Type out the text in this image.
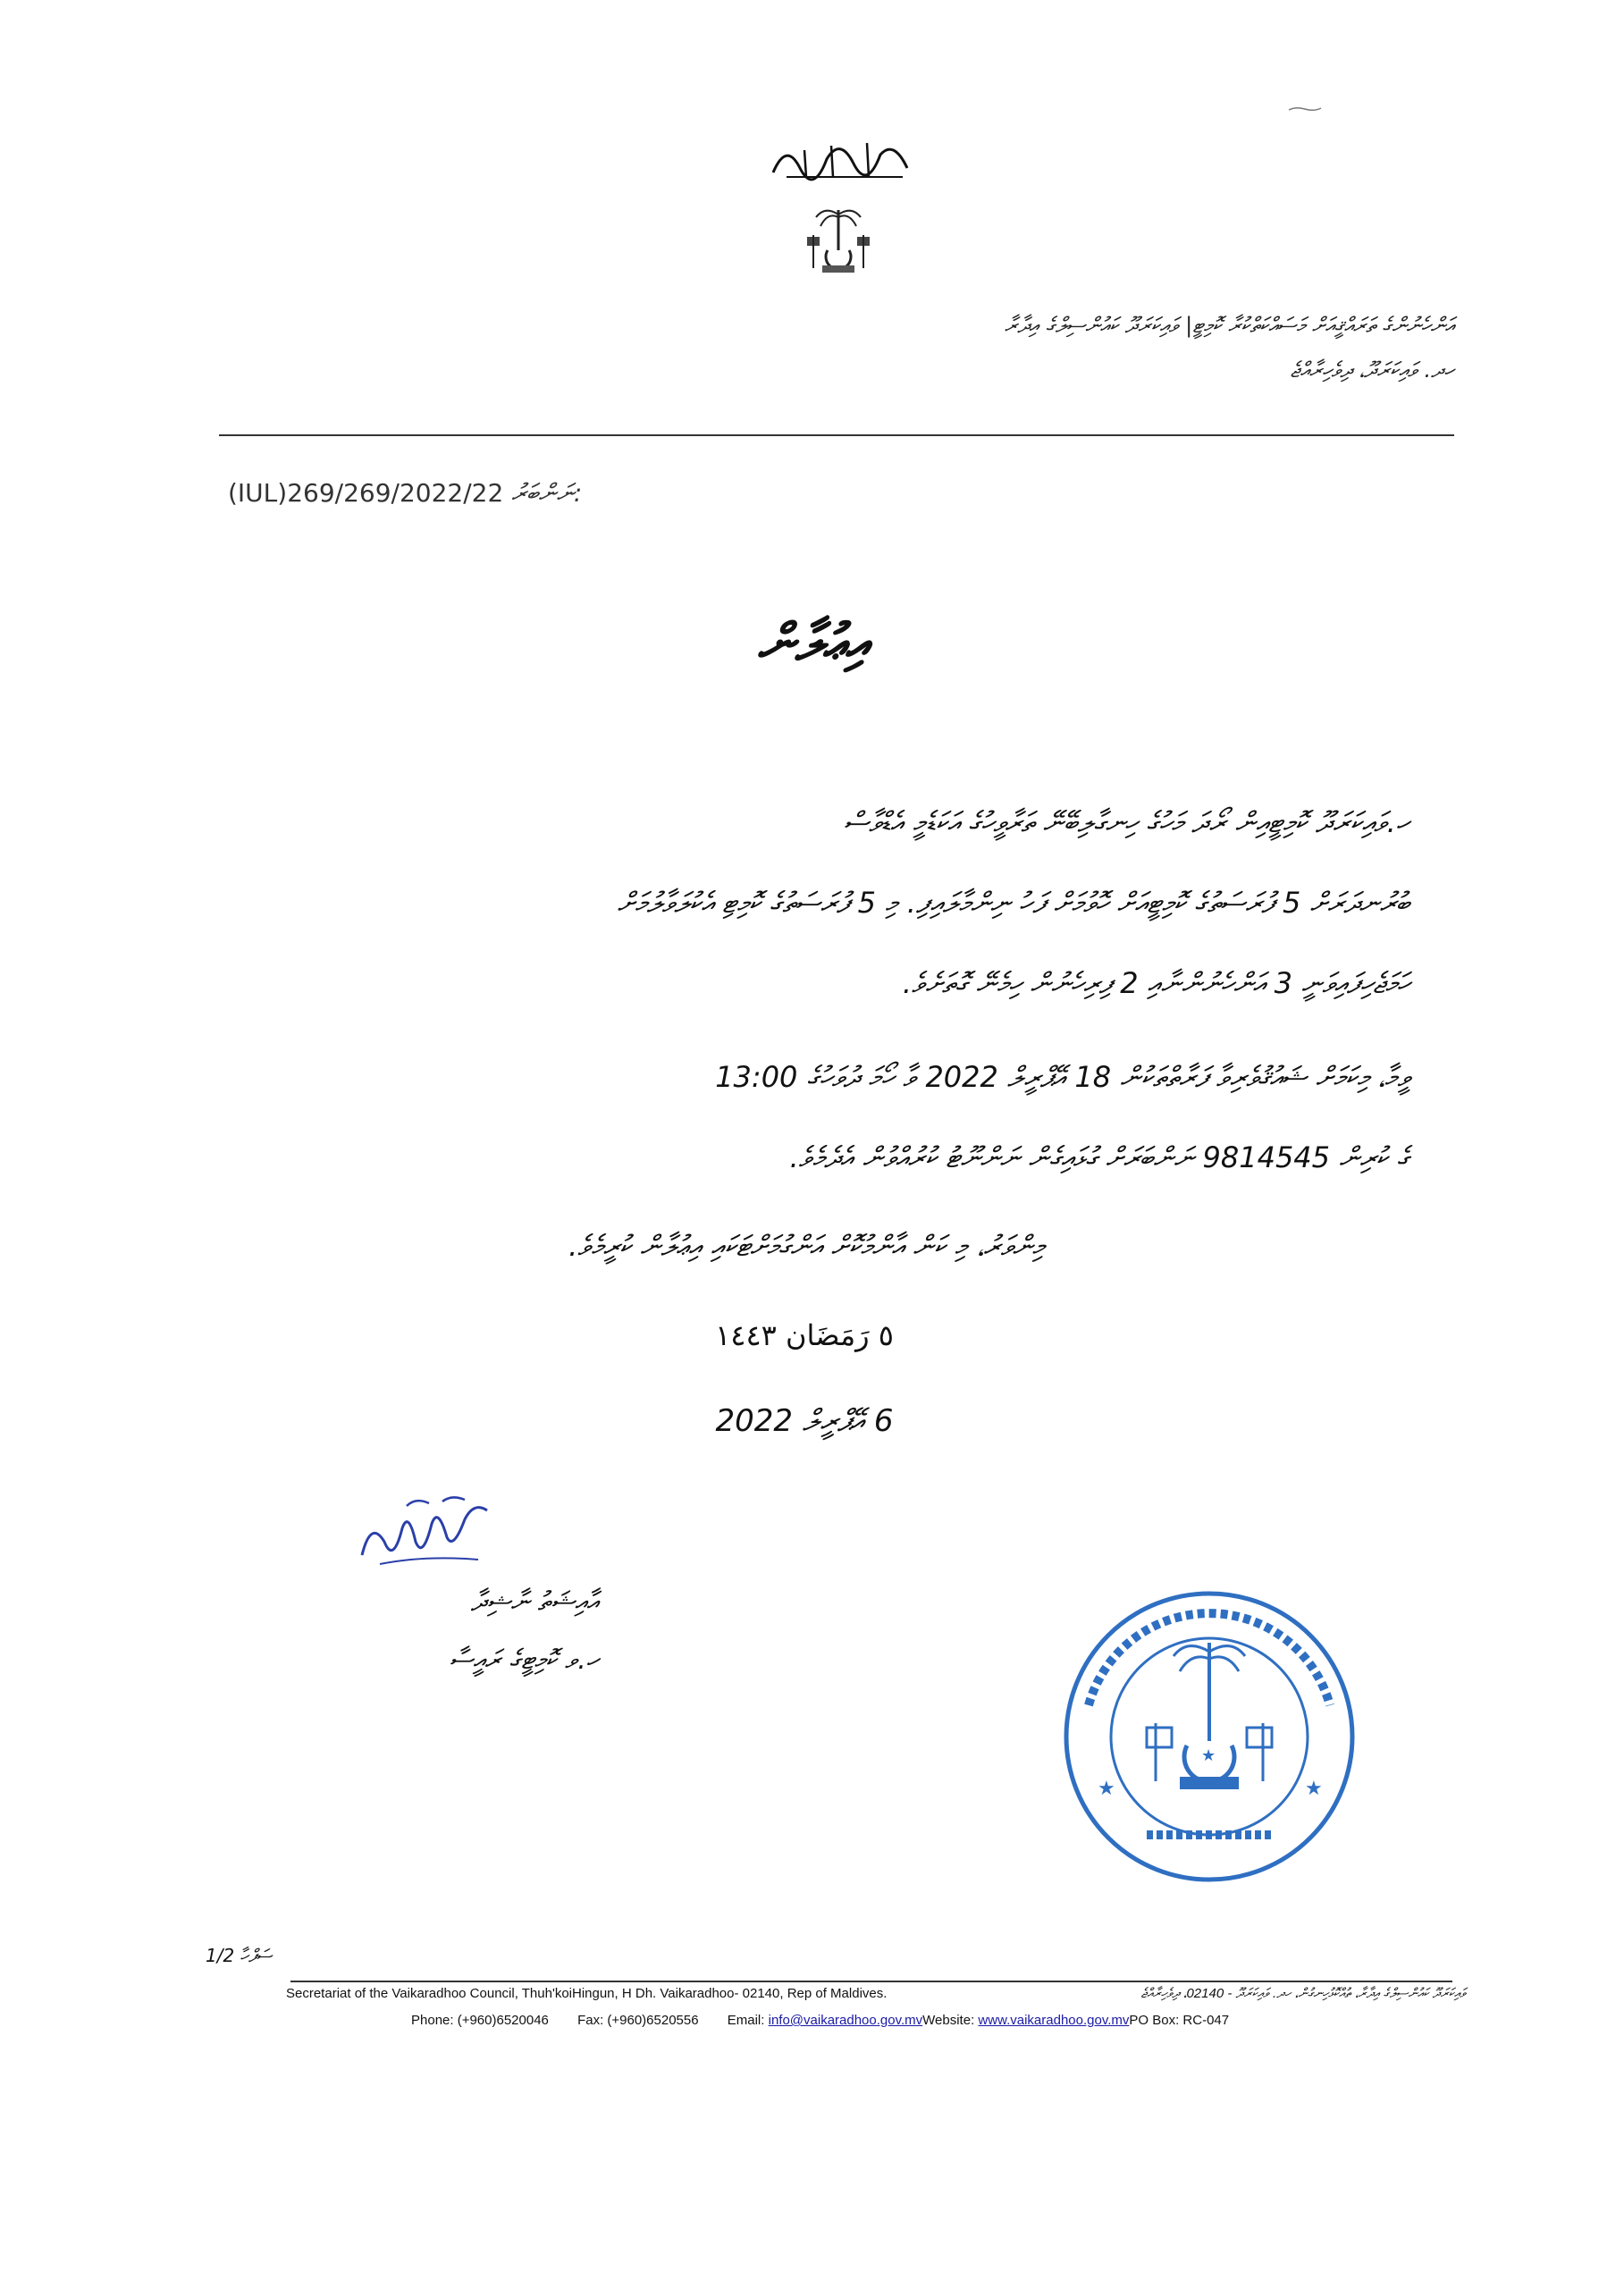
އަންހެނުންގެ ތަރައްޤީއަށް މަސައްކަތްކުރާ ކޮމިޓީ| ވައިކަރަދޫ ކައުންސިލްގެ އިދާރާ
ހދ. ވައިކަރަދޫ، ދިވެހިރާއްޖެ
(IUL)269/269/2022/22 ނަންބަރު:
އިޢުލާން
ހ.ވައިކަރަދޫ ކޮމިޓީއިން ރޯދަ މަހުގެ ހިނގާލިބޭނޭ ތަރާވީހުގެ އަކަޑެމީ އެޑްވާސް
ބުރުނދަރަށް 5 ފުރަސަތުގެ ކޮމިޓީއަށް ހޮވުމަށް ފަހު ނިންމާލައިފި. މި 5 ފުރަސަތުގެ ކޮމިޓި އެކުލަވާލުމަށް
ހަމަޖެހިފައިވަނީ 3 އަންހެނުންނާއި 2 ފިރިހެނުން ހިމެނޭ ގޮތަށެވެ.
ވީމާ، މިކަމަށް ޝައުޤުވެރިވާ ފަރާތްތަކުން 18 އޭޕްރީލް 2022 ވާ ހޯމަ ދުވަހުގެ 13:00
ގެ ކުރިން 9814545 ނަންބަރަށް ގުޅައިގެން ނަންނޫޓު ކުރުއްވުން އެދެމެވެ.
މިންވަރު، މި ކަން އާންމުކޮށް އަންގުމަށްޓަކައި އިޢުލާން ކުރީމެވެ.
٥ رَمَضَان ١٤٤٣
6 އޭޕްރީލް 2022
އާއިޝަތު ނާޝިދާ
ހ.ވ ކޮމިޓީގެ ރައީސާ
★	★
★
ސަފްހާ 1/2
Secretariat of the Vaikaradhoo Council, Thuh'koiHingun, H Dh. Vaikaradhoo- 02140, Rep of Maldives.	ވައިކަރަދޫ ކައުންސިލްގެ އިދާރާ، ތުއްކޮޅުހިނގުން، ހދ. ވައިކަރަދޫ - 02140، ދިވެހިރާއްޖެ
Phone: (+960)6520046 Fax: (+960)6520556 Email: info@vaikaradhoo.gov.mvWebsite: www.vaikaradhoo.gov.mvPO Box: RC-047
